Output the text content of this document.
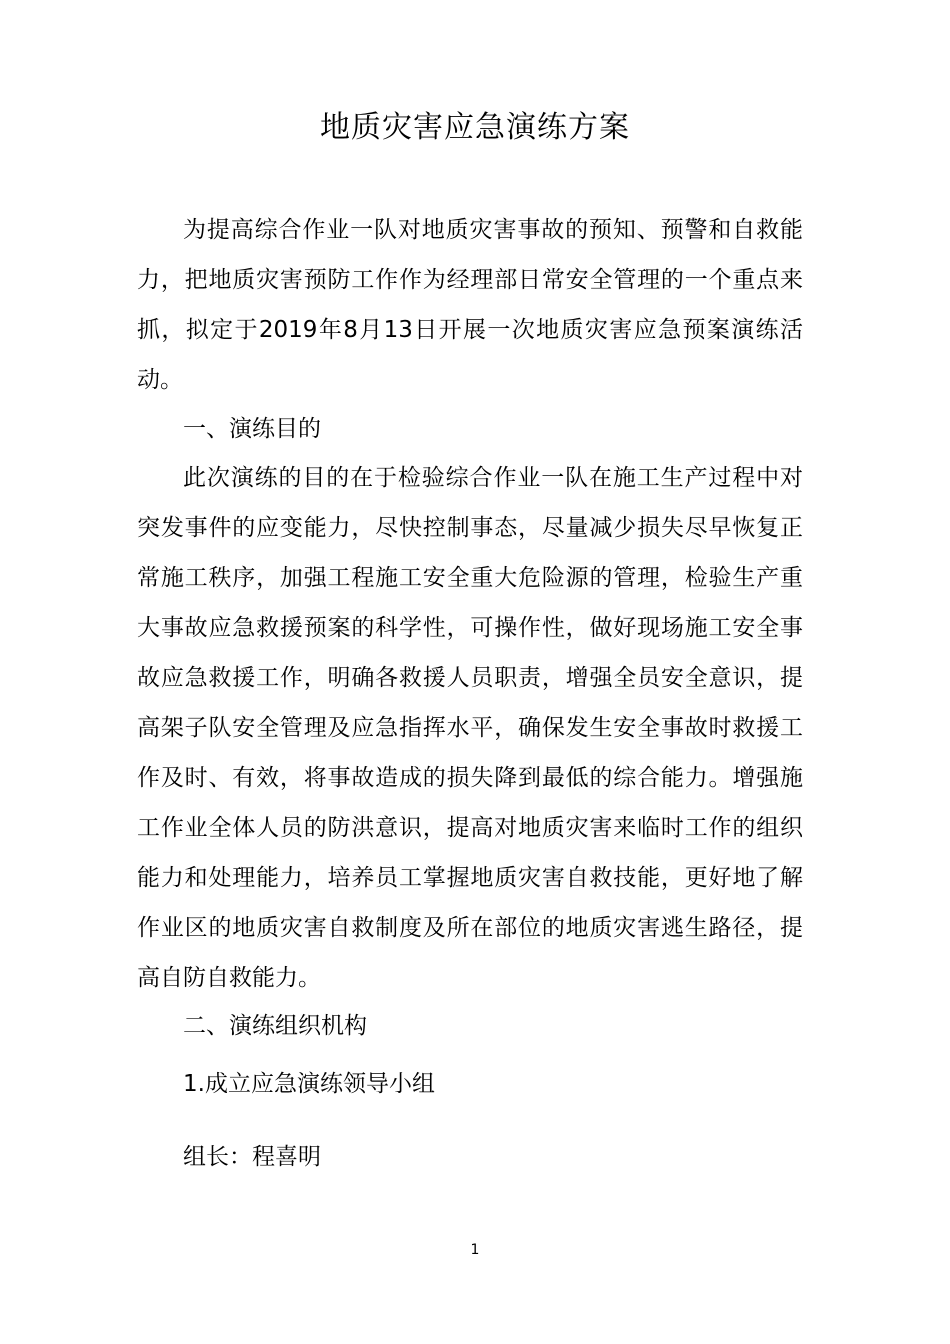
地质灾害应急演练方案

为提高综合作业一队对地质灾害事故的预知、预警和自救能力，把地质灾害预防工作作为经理部日常安全管理的一个重点来抓，拟定于2019年8月13日开展一次地质灾害应急预案演练活动。

一、演练目的

此次演练的目的在于检验综合作业一队在施工生产过程中对突发事件的应变能力，尽快控制事态，尽量减少损失尽早恢复正常施工秩序，加强工程施工安全重大危险源的管理，检验生产重大事故应急救援预案的科学性，可操作性，做好现场施工安全事故应急救援工作，明确各救援人员职责，增强全员安全意识，提高架子队安全管理及应急指挥水平，确保发生安全事故时救援工作及时、有效，将事故造成的损失降到最低的综合能力。增强施工作业全体人员的防洪意识，提高对地质灾害来临时工作的组织能力和处理能力，培养员工掌握地质灾害自救技能，更好地了解作业区的地质灾害自救制度及所在部位的地质灾害逃生路径，提高自防自救能力。

二、演练组织机构

1.成立应急演练领导小组

组长：程喜明

1
